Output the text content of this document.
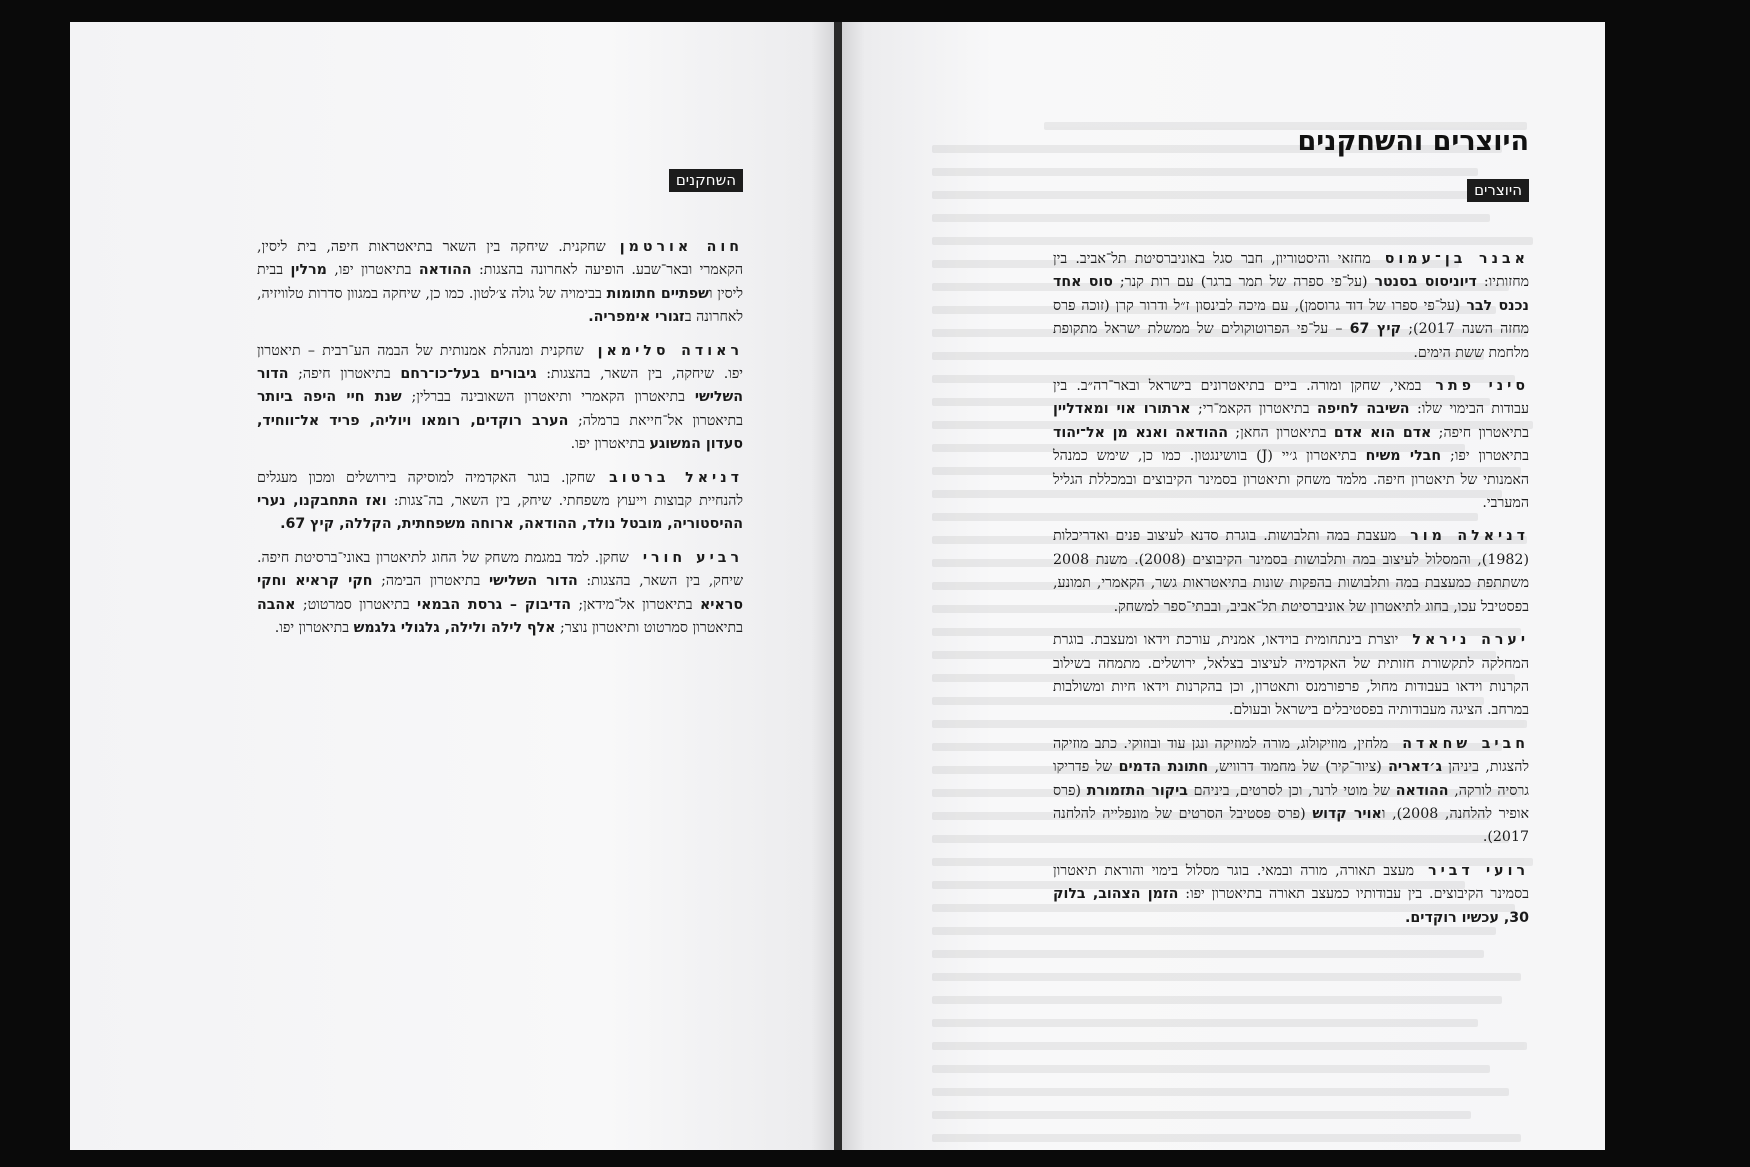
השחקנים

חוה אורטמןשחקנית. שיחקה בין השאר בתיאטראות חיפה, בית ליסין, הקאמרי ובאר־שבע. הופיעה לאחרונה בהצגות: ההודאה בתיאטרון יפו, מרלין בבית ליסין ושפתיים חתומות בבימויה של גולה צ׳לטון. כמו כן, שיחקה במגוון סדרות טלוויזיה, לאחרונה בזגורי אימפריה.

ראודה סלימאןשחקנית ומנהלת אמנותית של הבמה הע־רבית – תיאטרון יפו. שיחקה, בין השאר, בהצגות: גיבורים בעל־כו־רחם בתיאטרון חיפה; הדור השלישי בתיאטרון הקאמרי ותיאטרון השאובינה בברלין; שנת חיי היפה ביותר בתיאטרון אל־חייאת ברמלה; הערב רוקדים, רומאו ויוליה, פריד אל־ווחיד, סעדון המשוגע בתיאטרון יפו.

דניאל ברטובשחקן. בוגר האקדמיה למוסיקה בירושלים ומכון מעגלים להנחיית קבוצות וייעוץ משפחתי. שיחק, בין השאר, בה־צגות: ואז התחבקנו, נערי ההיסטוריה, מובטל נולד, ההודאה, ארוחה משפחתית, הקללה, קיץ 67.

רביע חורישחקן. למד במגמת משחק של החוג לתיאטרון באוני־ברסיטת חיפה. שיחק, בין השאר, בהצגות: הדור השלישי בתיאטרון הבימה; חקי קראיא וחקי סראיא בתיאטרון אל־מידאן; הדיבוק – גרסת הבמאי בתיאטרון סמרטוט; אהבה בתיאטרון סמרטוט ותיאטרון נוצר; אלף לילה ולילה, גלגולי גלגמש בתיאטרון יפו.

היוצרים והשחקנים
היוצרים

אבנר בן־עמוסמחזאי והיסטוריון, חבר סגל באוניברסיטת תל־אביב. בין מחזותיו: דיוניסוס בסנטר (על־פי ספרה של תמר ברגר) עם רות קנר; סוס אחד נכנס לבר (על־פי ספרו של דוד גרוסמן), עם מיכה לבינסון ז״ל ודרור קרן (זוכה פרס מחזה השנה 2017); קיץ 67 – על־פי הפרוטוקולים של ממשלת ישראל מתקופת מלחמת ששת הימים.

סיני פתרבמאי, שחקן ומורה. ביים בתיאטרונים בישראל ובאר־רה״ב. בין עבודות הבימוי שלו: השיבה לחיפה בתיאטרון הקאמ־רי; ארתורו אוי ומאדליין בתיאטרון חיפה; אדם הוא אדם בתיאטרון החאן; ההודאה ואנא מן אל־יהוד בתיאטרון יפו; חבלי משיח בתיאטרון ג׳יי (J) בוושינגטון. כמו כן, שימש כמנהל האמנותי של תיאטרון חיפה. מלמד משחק ותיאטרון בסמינר הקיבוצים ובמכללת הגליל המערבי.

דניאלה מורמעצבת במה ותלבושות. בוגרת סדנא לעיצוב פנים ואדריכלות (1982), והמסלול לעיצוב במה ותלבושות בסמינר הקיבוצים (2008). משנת 2008 משתתפת כמעצבת במה ותלבושות בהפקות שונות בתיאטראות גשר, הקאמרי, תמונע, בפסטיבל עכו, בחוג לתיאטרון של אוניברסיטת תל־אביב, ובבתי־ספר למשחק.

יערה ניראליוצרת בינתחומית בוידאו, אמנית, עורכת וידאו ומעצבת. בוגרת המחלקה לתקשורת חזותית של האקדמיה לעיצוב בצלאל, ירושלים. מתמחה בשילוב הקרנות וידאו בעבודות מחול, פרפורמנס ותאטרון, וכן בהקרנות וידאו חיות ומשולבות במרחב. הציגה מעבודותיה בפסטיבלים בישראל ובעולם.

חביב שחאדהמלחין, מוזיקולוג, מורה למוזיקה ונגן עוד ובוזוקי. כתב מוזיקה להצגות, ביניהן ג׳דאריה (ציור־קיר) של מחמוד דרוויש, חתונת הדמים של פדריקו גרסיה לורקה, ההודאה של מוטי לרנר, וכן לסרטים, ביניהם ביקור התזמורת (פרס אופיר להלחנה, 2008), ואויר קדוש (פרס פסטיבל הסרטים של מונפלייה להלחנה 2017).

רועי דבירמעצב תאורה, מורה ובמאי. בוגר מסלול בימוי והוראת תיאטרון בסמינר הקיבוצים. בין עבודותיו כמעצב תאורה בתיאטרון יפו: הזמן הצהוב, בלוק 30, עכשיו רוקדים.
